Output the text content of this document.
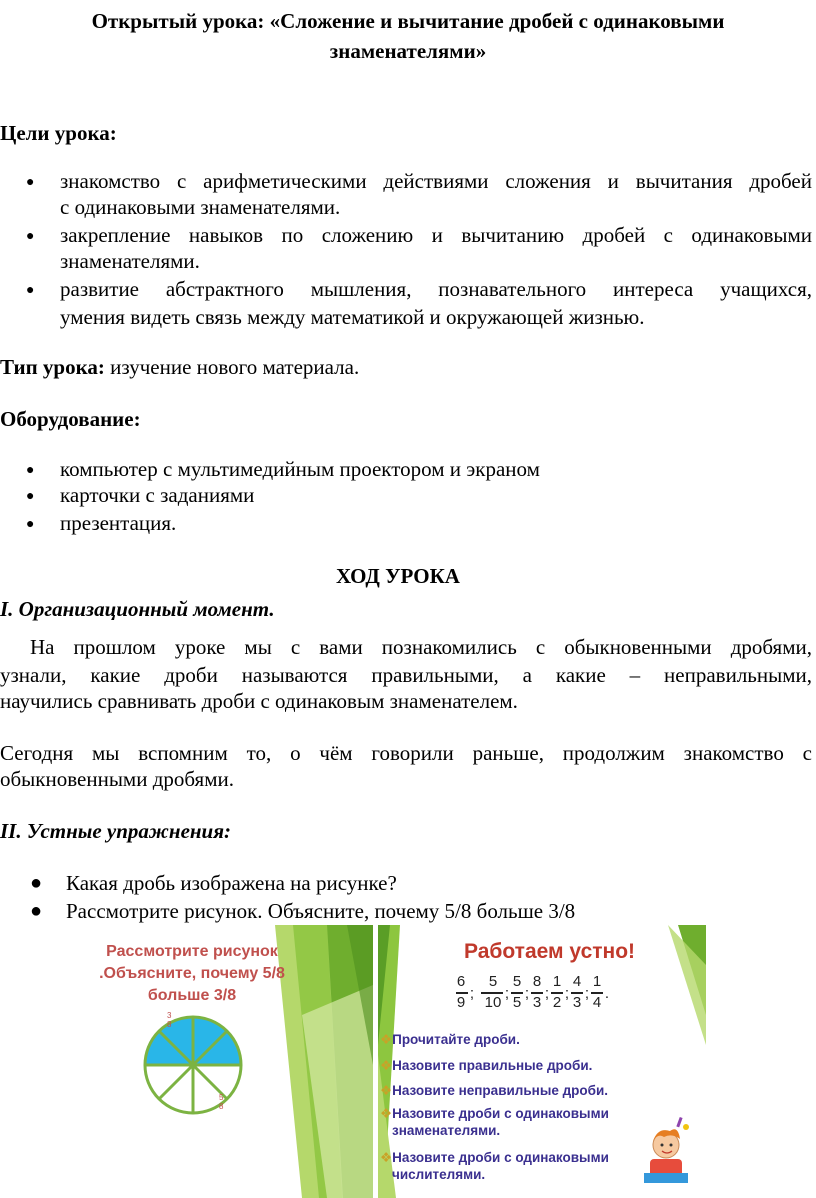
Открытый урока: «Сложение и вычитание дробей с одинаковыми
знаменателями»
Цели урока:
● знакомство с арифметическими действиями сложения и вычитания дробей
с одинаковыми знаменателями.
● закрепление навыков по сложению и вычитанию дробей с одинаковыми
знаменателями.
● развитие абстрактного мышления, познавательного интереса учащихся,
умения видеть связь между математикой и окружающей жизнью.
Тип урока: изучение нового материала.
Оборудование:
● компьютер с мультимедийным проектором и экраном
● карточки с заданиями
● презентация.
ХОД УРОКА
I. Организационный момент.
На прошлом уроке мы с вами познакомились с обыкновенными дробями,
узнали, какие дроби называются правильными, а какие – неправильными,
научились сравнивать дроби с одинаковым знаменателем.
Сегодня мы вспомним то, о чём говорили раньше, продолжим знакомство с
обыкновенными дробями.
II. Устные упражнения:
● Какая дробь изображена на рисунке?
● Рассмотрите рисунок. Объясните, почему 5/8 больше 3/8
Рассмотрите рисунок
.Объясните, почему 5/8
больше 3/8
3
8
5
8
Работаем устно!
6
9
;
5
10
;
5
5
;
8
3
;
1
2
;
4
3
;
1
4
.
❖Прочитайте дроби.
❖Назовите правильные дроби.
❖Назовите неправильные дроби.
❖Назовите дроби с одинаковыми
знаменателями.
❖Назовите дроби с одинаковыми
числителями.
